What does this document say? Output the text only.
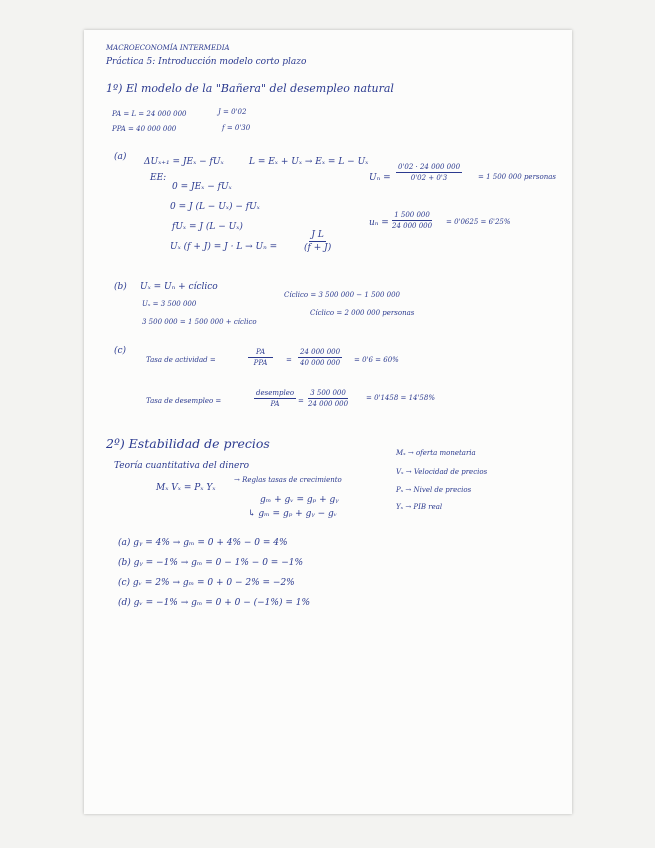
MACROECONOMÍA INTERMEDIA
Práctica 5: Introducción modelo corto plazo
1º) El modelo de la "Bañera" del desempleo natural
PA = L = 24 000 000	J = 0'02
PPA = 40 000 000	f = 0'30
(a) ΔUₓ₊₁ = JEₓ − fUₓ	L = Eₓ + Uₓ → Eₓ = L − Uₓ
EE:
0 = JEₓ − fUₓ
0 = J (L − Uₓ) − fUₓ
fUₓ = J (L − Uₓ)
Uₓ (f + J) = J · L → Uₙ =	$\frac{\text{J L}}{(f + J)}$
$U_n = \frac{0'02 \cdot 24 000 000}{0'02 + 0'3} = 1$ 500 000 personas
$u_n = \frac{1 500 000}{24 000 000} = 0'0625 = 6'25\%$
(b) Uₓ = Uₙ + cíclico
Uₓ = 3 500 000
3 500 000 = 1 500 000 + cíclico
Cíclico = 3 500 000 − 1 500 000
Cíclico = 2 000 000 personas
(c)
Tasa de actividad =
PA
PPA	= $\frac{24 000 000}{40 000 000} = 0'6 = 60\%$
Tasa de desempleo =
desempleo
PA	= $\frac{3 500 000}{24 000 000}$	= 0'1458 = 14'58%
2º) Estabilidad de precios
Teoría cuantitativa del dinero
Mₓ Vₓ = Pₓ Yₓ
→ Reglas tasas de crecimiento
gₘ + gᵥ = gₚ + gᵧ
↳ gₘ = gₚ + gᵧ − gᵥ
Mₓ → oferta monetaria
Vₓ → Velocidad de precios
Pₓ → Nivel de precios
Yₓ → PIB real
(a) gᵧ = 4% → gₘ = 0 + 4% − 0 = 4%
(b) gᵧ = −1% → gₘ = 0 − 1% − 0 = −1%
(c) gᵥ = 2% → gₘ = 0 + 0 − 2% = −2%
(d) gᵥ = −1% → gₘ = 0 + 0 − (−1%) = 1%
